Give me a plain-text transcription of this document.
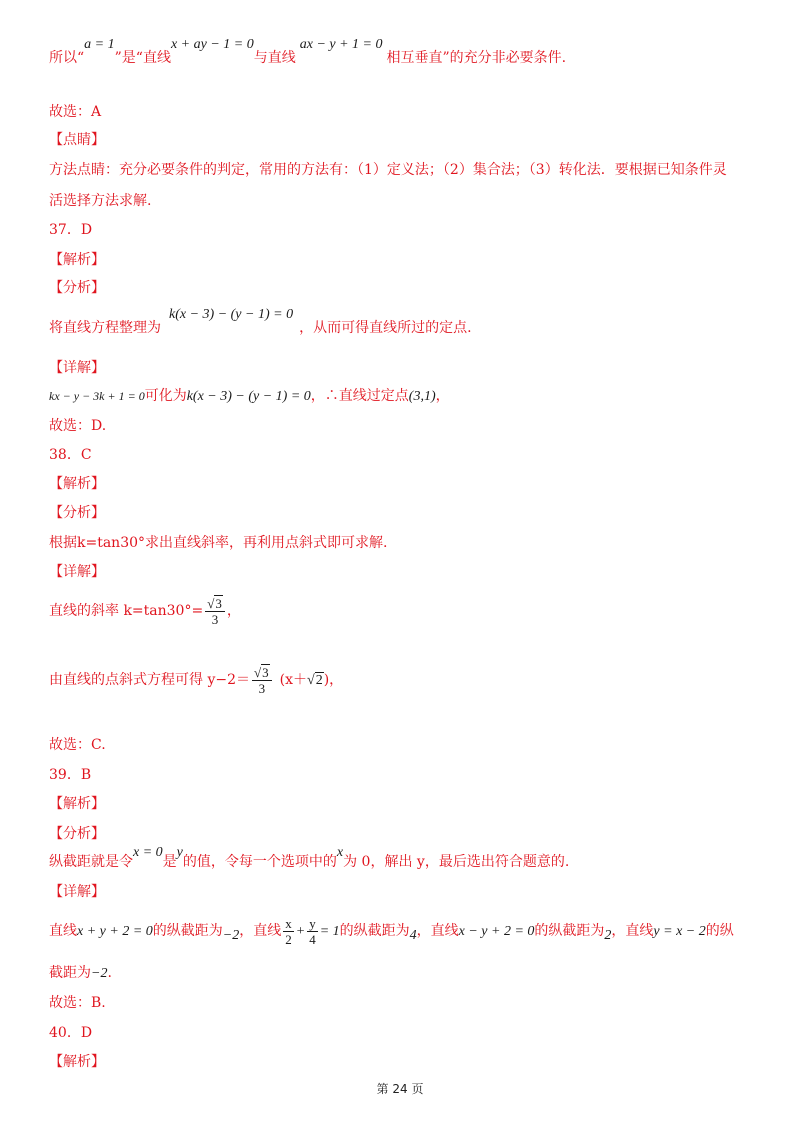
所以“a = 1”是“直线x + ay − 1 = 0与直线ax − y + 1 = 0相互垂直”的充分非必要条件.
故选：A
【点睛】
方法点睛：充分必要条件的判定，常用的方法有：（1）定义法；（2）集合法；（3）转化法．要根据已知条件灵
活选择方法求解.
37．D
【解析】
【分析】
将直线方程整理为k(x − 3) − (y − 1) = 0，从而可得直线所过的定点.
【详解】
kx − y − 3k + 1 = 0可化为k(x − 3) − (y − 1) = 0，∴直线过定点(3,1)，
故选：D.
38．C
【解析】
【分析】
根据k=tan30°求出直线斜率，再利用点斜式即可求解.
【详解】
直线的斜率 $k=\tan 30^\circ= \frac{√3}{3}$ ，
由直线的点斜式方程可得 $y-2= \frac{√3}{3} (x+√2)$，
故选：C.
39．B
【解析】
【分析】
纵截距就是令x = 0是y的值，令每一个选项中的x为 0，解出 y，最后选出符合题意的.
【详解】
直线x + y + 2 = 0的纵截距为−2，直线 $\frac{x}{2} + \frac{y}{4} = 1$的纵截距为4，直线x − y + 2 = 0的纵截距为2，直线y = x − 2的纵
截距为−2.
故选：B.
40．D
【解析】
第 24 页
